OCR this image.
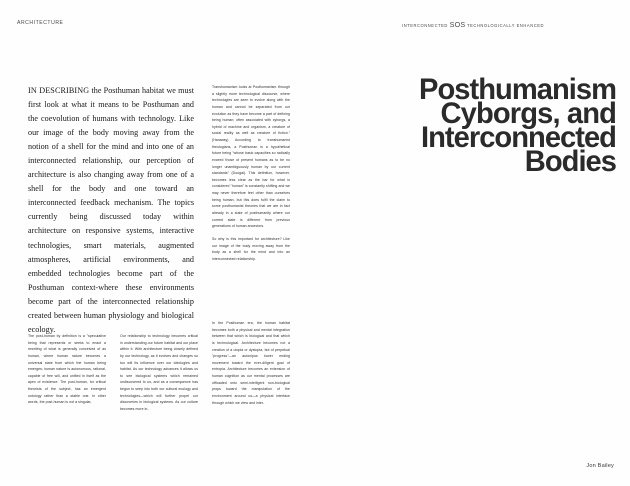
ARCHITECTURE	INTERCONNECTED SOS TECHNOLOGICALLY ENHANCED
Posthumanism
Cyborgs, and
Interconnected
Bodies
IN DESCRIBING the Posthuman habitat we must first look at what it means to be Posthuman and the coevolution of humans with technology. Like our image of the body moving away from the notion of a shell for the mind and into one of an interconnected relationship, our perception of architecture is also changing away from one of a shell for the body and one toward an interconnected feedback mechanism. The topics currently being discussed today within architecture on responsive systems, interactive technologies, smart materials, augmented atmospheres, artificial environments, and embedded technologies become part of the Posthuman context-where these environments become part of the interconnected relationship created between human physiology and biological ecology.

Transhumanism looks at Posthumanism through a slightly more technological discourse, where technologies are seen to evolve along with the human and cannot be separated from our evolution as they have become a part of defining being human; often associated with cyborgs, a hybrid of machine and organism, a creature of social reality as well as creature of fiction." (Haraway) According to transhumanist theologians, a Posthuman is a hypothetical future being "whose basic capacities so radically exceed those of present humans as to be no longer unambiguously human by our current standards" (Dougal). This definition, however, becomes less clear as the bar for what is considered "human" is constantly shifting and we may never therefore feel other than ourselves being human, but this does fulfil the claim to some posthumanist theories that we are in fact already in a state of posthumanity where our current state is different from previous generations of human ancestors.

So why is this important for architecture? Like our image of the body moving away from the body as a shell for the mind and into an interconnected relationship.

The post-human by definition is a "speculative being that represents or seeks to enact a rewriting of what is generally conceived of as human, where human nature becomes a universal state from which the human being emerges; human nature is autonomous, rational, capable of free will, and unified in itself as the apex of existence. The post-human, for critical theorists of the subject, has an emergent ontology rather than a stable one. In other words, the post-human is not a singular,

Our relationship to technology becomes critical in understanding our future habitat and our place within it. With architecture being closely defined by our technology, as it evolves and changes so too will its influence over our ideologies and habitat. As our technology advances it allows us to see biological systems which remained undiscovered to us, and as a consequence has begun to seep into both our cultural ecology and technologies—which will further propel our discoveries in biological systems. As our culture becomes more in-

In the Posthuman era, the human habitat becomes both a physical and mental integration between that which is biological and that which is technological. Architecture becomes not a creation of a utopia or dystopia, but of perpetual "progress"—an autonipus tower ending movement toward the ever-diligent goal of entropia. Architecture becomes an extension of human cognition as our mental processes are offloaded onto semi-intelligent non-biological props toward the manipulation of the environment around us—a physical interface through which we view and inter-

Jon Bailey
